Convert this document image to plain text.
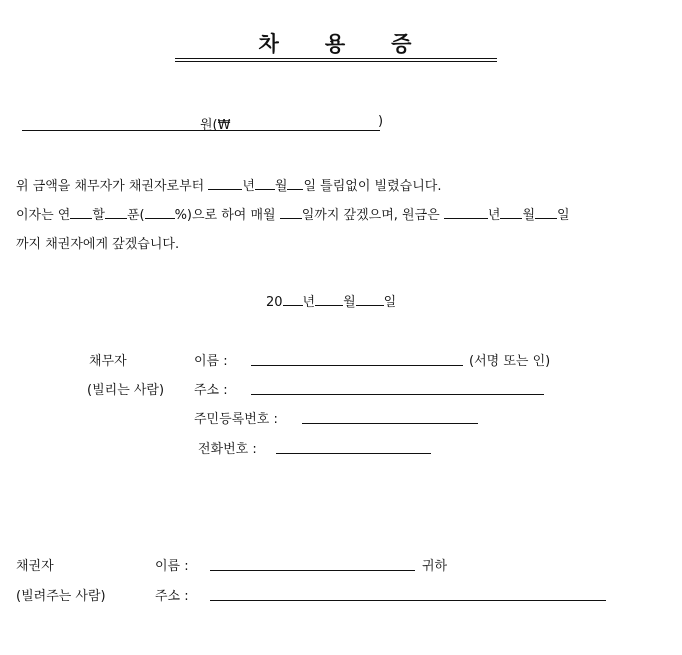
차 용 증
원(₩	)
위 금액을 채무자가 채권자로부터	년 월 일 틀림없이 빌렸습니다.
이자는 연 할 푼( %)으로 하여 매월 일까지 갚겠으며, 원금은	년 월 일
까지 채권자에게 갚겠습니다.
20 년 월 일
채무자	이름 :	(서명 또는 인)
(빌리는 사람) 주소 :
주민등록번호 :
전화번호 :
채권자	이름 :	귀하
(빌려주는 사람)	주소 :
